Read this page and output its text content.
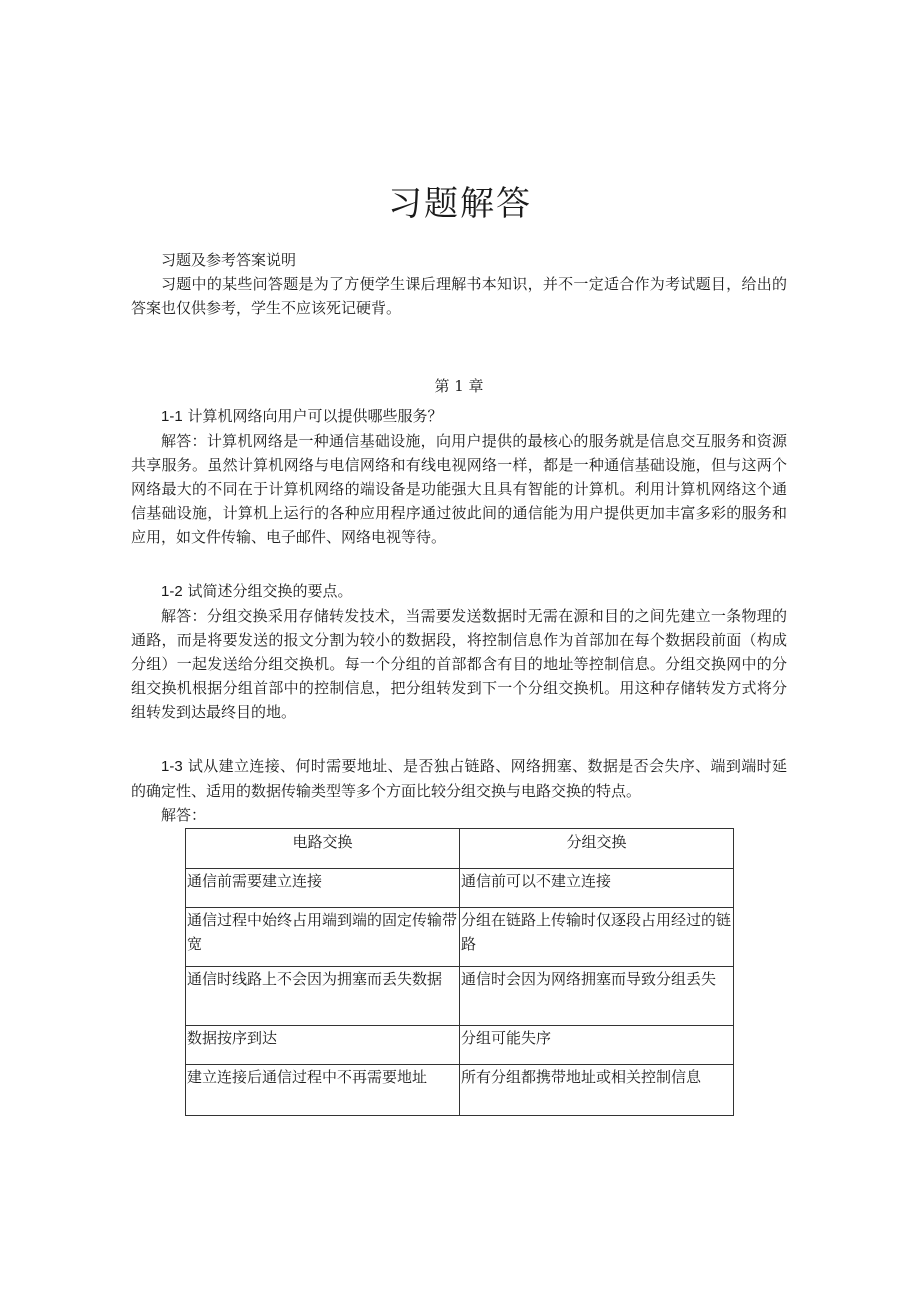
习题解答

习题及参考答案说明

习题中的某些问答题是为了方便学生课后理解书本知识，并不一定适合作为考试题目，给出的答案也仅供参考，学生不应该死记硬背。

第 1 章

1-1 计算机网络向用户可以提供哪些服务？

解答：计算机网络是一种通信基础设施，向用户提供的最核心的服务就是信息交互服务和资源共享服务。虽然计算机网络与电信网络和有线电视网络一样，都是一种通信基础设施，但与这两个网络最大的不同在于计算机网络的端设备是功能强大且具有智能的计算机。利用计算机网络这个通信基础设施，计算机上运行的各种应用程序通过彼此间的通信能为用户提供更加丰富多彩的服务和应用，如文件传输、电子邮件、网络电视等待。

1-2 试简述分组交换的要点。

解答：分组交换采用存储转发技术，当需要发送数据时无需在源和目的之间先建立一条物理的通路，而是将要发送的报文分割为较小的数据段，将控制信息作为首部加在每个数据段前面（构成分组）一起发送给分组交换机。每一个分组的首部都含有目的地址等控制信息。分组交换网中的分组交换机根据分组首部中的控制信息，把分组转发到下一个分组交换机。用这种存储转发方式将分组转发到达最终目的地。

1-3 试从建立连接、何时需要地址、是否独占链路、网络拥塞、数据是否会失序、端到端时延的确定性、适用的数据传输类型等多个方面比较分组交换与电路交换的特点。

解答：

电路交换	分组交换
通信前需要建立连接	通信前可以不建立连接
通信过程中始终占用端到端的固定传输带宽	分组在链路上传输时仅逐段占用经过的链路
通信时线路上不会因为拥塞而丢失数据	通信时会因为网络拥塞而导致分组丢失
数据按序到达	分组可能失序
建立连接后通信过程中不再需要地址	所有分组都携带地址或相关控制信息
